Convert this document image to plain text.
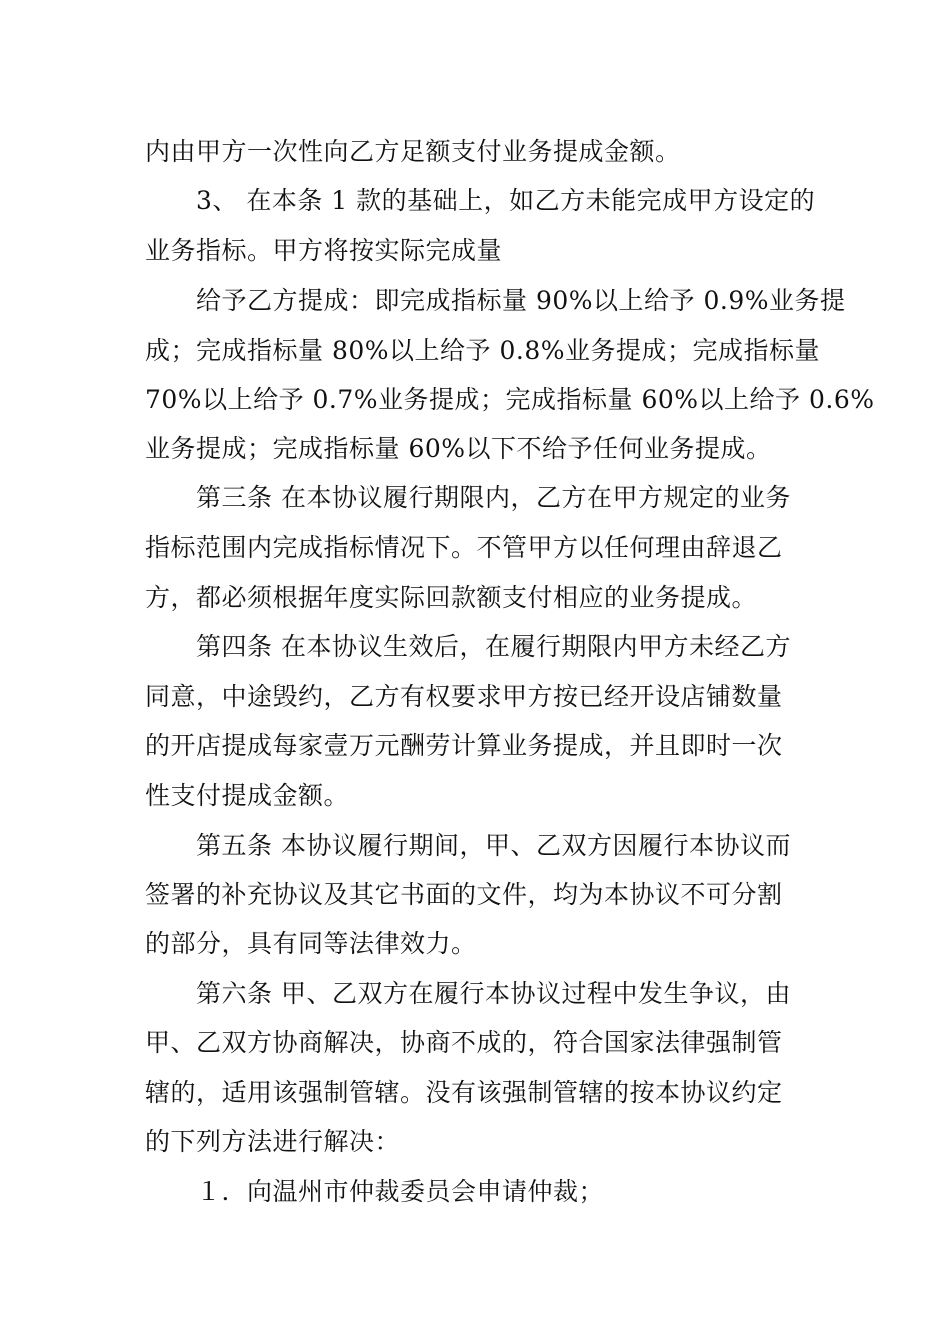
内由甲方一次性向乙方足额支付业务提成金额。
3、 在本条 1 款的基础上，如乙方未能完成甲方设定的
业务指标。甲方将按实际完成量
给予乙方提成：即完成指标量 90%以上给予 0.9%业务提
成；完成指标量 80%以上给予 0.8%业务提成；完成指标量
70%以上给予 0.7%业务提成；完成指标量 60%以上给予 0.6%
业务提成；完成指标量 60%以下不给予任何业务提成。
第三条 在本协议履行期限内，乙方在甲方规定的业务
指标范围内完成指标情况下。不管甲方以任何理由辞退乙
方，都必须根据年度实际回款额支付相应的业务提成。
第四条 在本协议生效后，在履行期限内甲方未经乙方
同意，中途毁约，乙方有权要求甲方按已经开设店铺数量
的开店提成每家壹万元酬劳计算业务提成，并且即时一次
性支付提成金额。
第五条 本协议履行期间，甲、乙双方因履行本协议而
签署的补充协议及其它书面的文件，均为本协议不可分割
的部分，具有同等法律效力。
第六条 甲、乙双方在履行本协议过程中发生争议，由
甲、乙双方协商解决，协商不成的，符合国家法律强制管
辖的，适用该强制管辖。没有该强制管辖的按本协议约定
的下列方法进行解决：
１．向温州市仲裁委员会申请仲裁；
